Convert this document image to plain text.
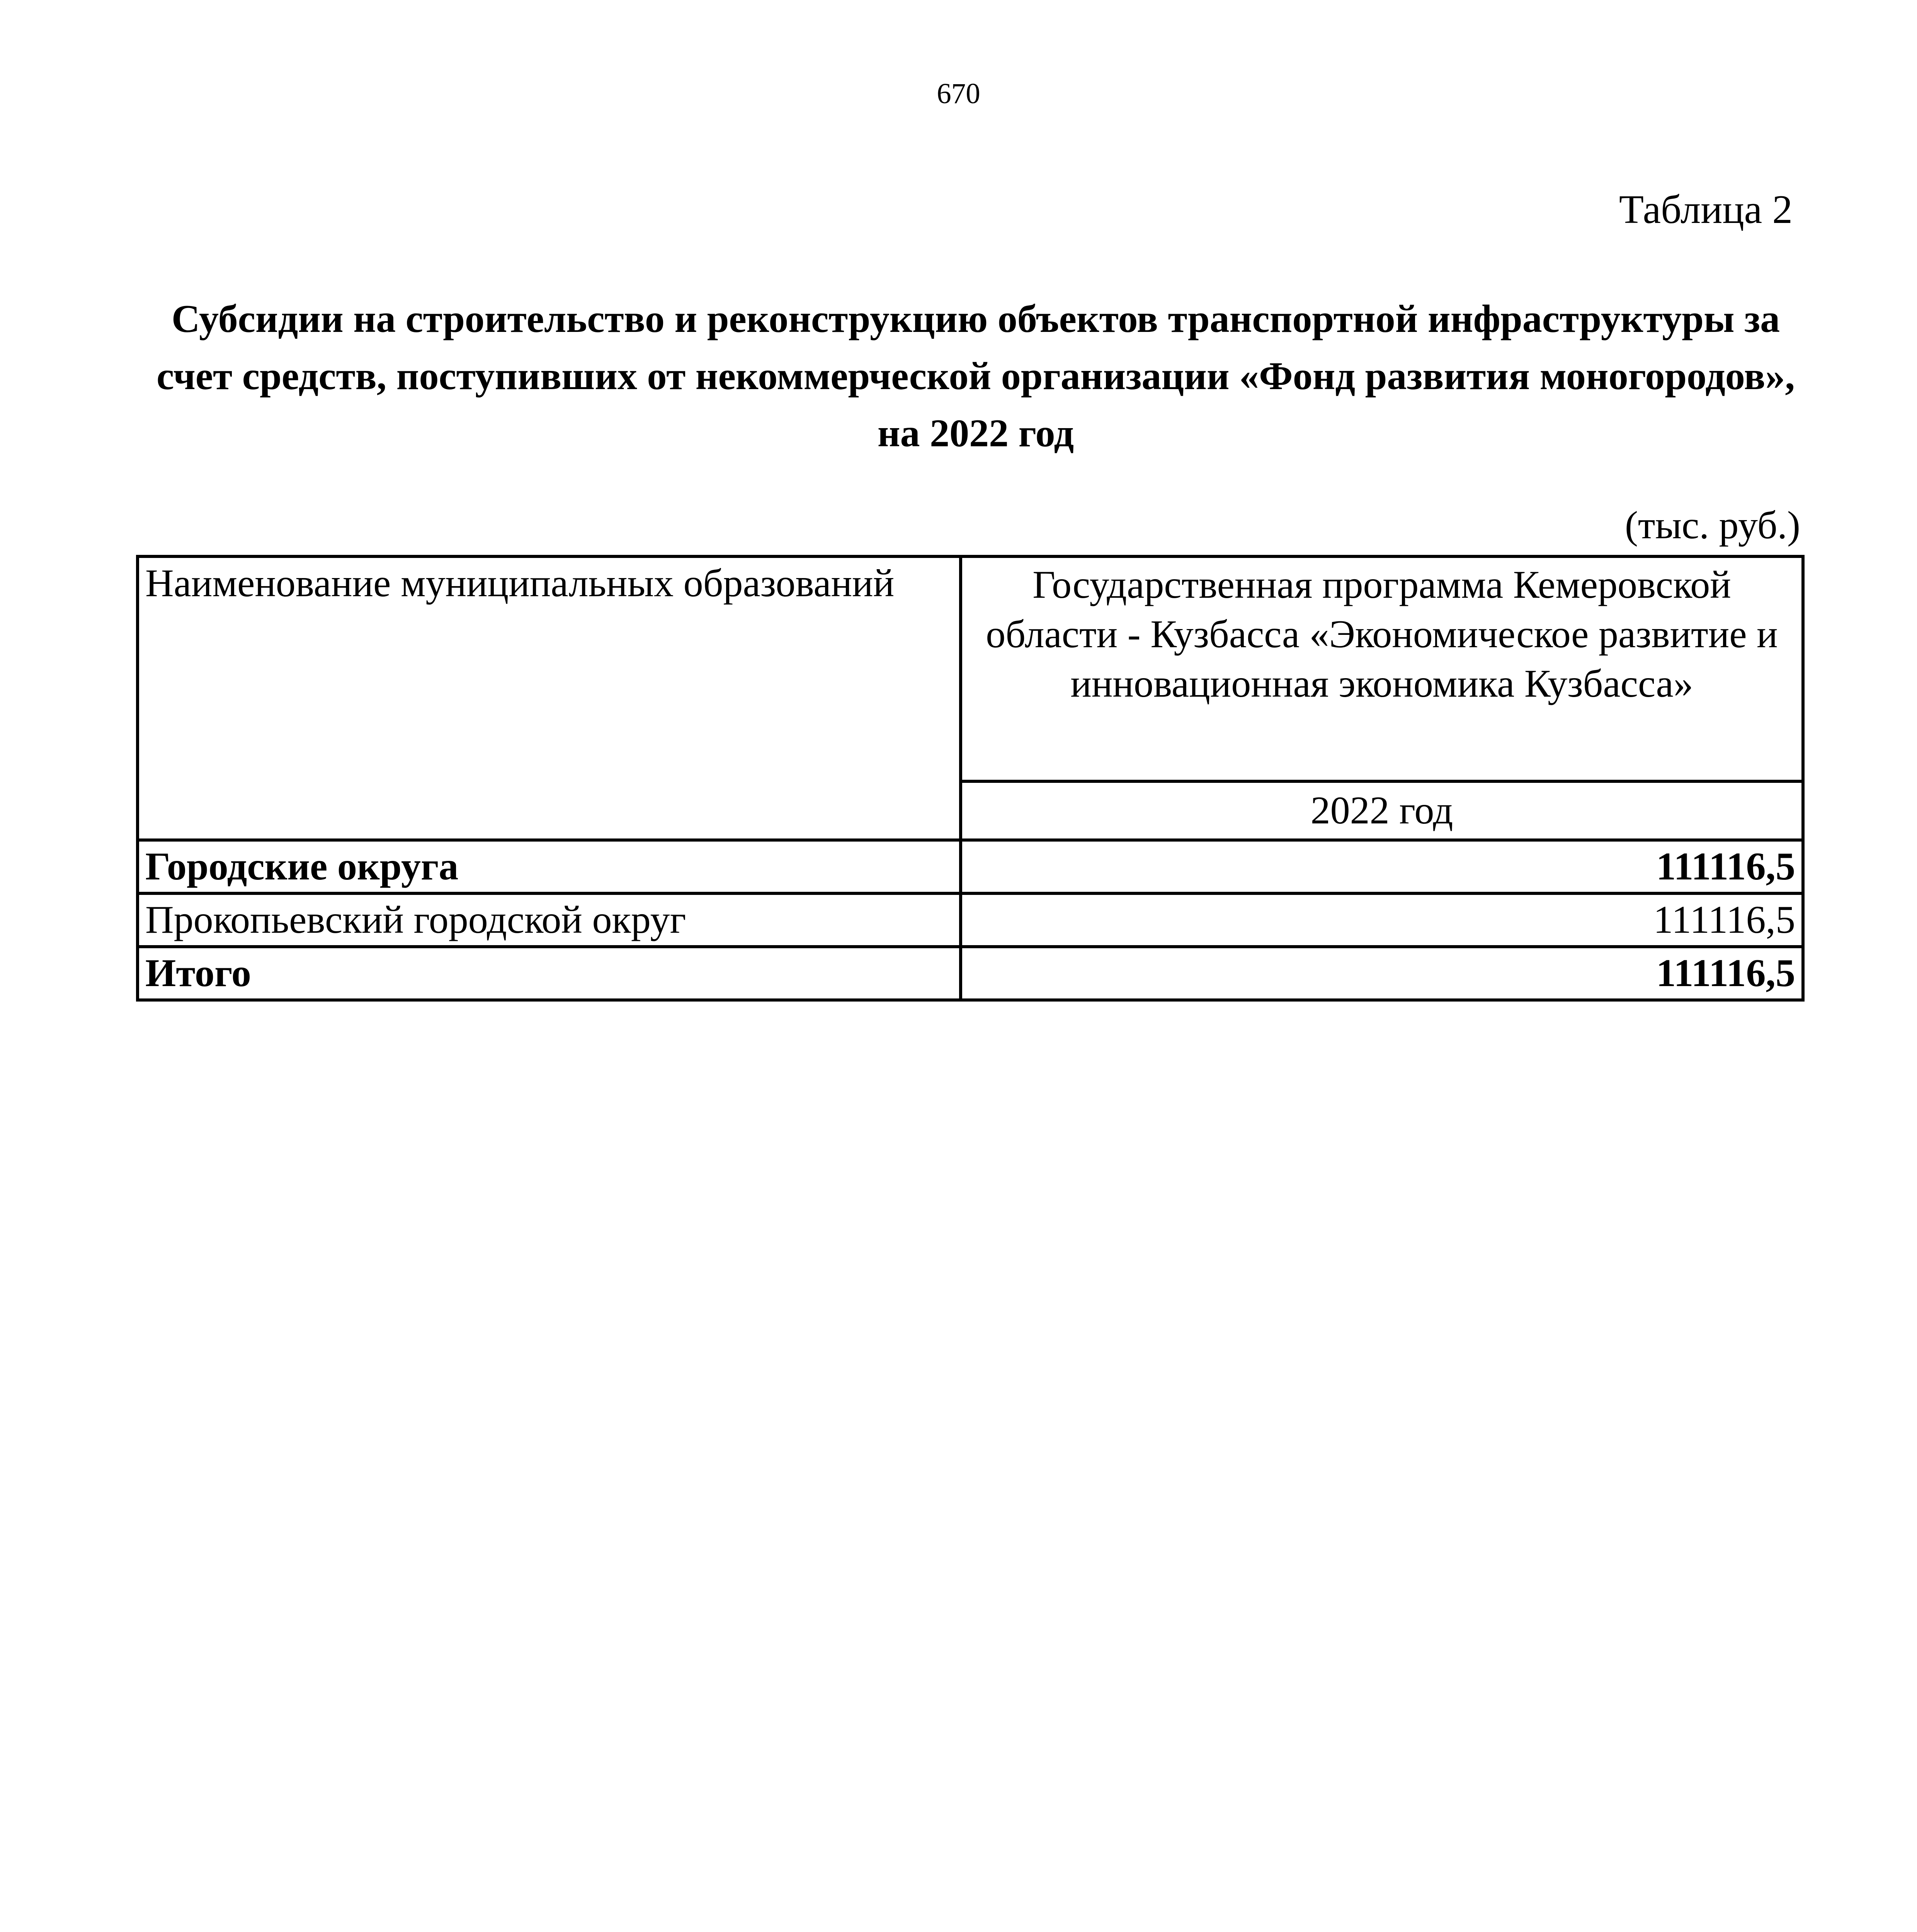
670
Таблица 2
Субсидии на строительство и реконструкцию объектов транспортной инфраструктуры за счет средств, поступивших от некоммерческой организации «Фонд развития моногородов», на 2022 год
(тыс. руб.)
Наименование муниципальных образований	Государственная программа Кемеровской области - Кузбасса «Экономическое развитие и инновационная экономика Кузбасса»
	2022 год
Городские округа	111116,5
Прокопьевский городской округ	111116,5
Итого	111116,5
